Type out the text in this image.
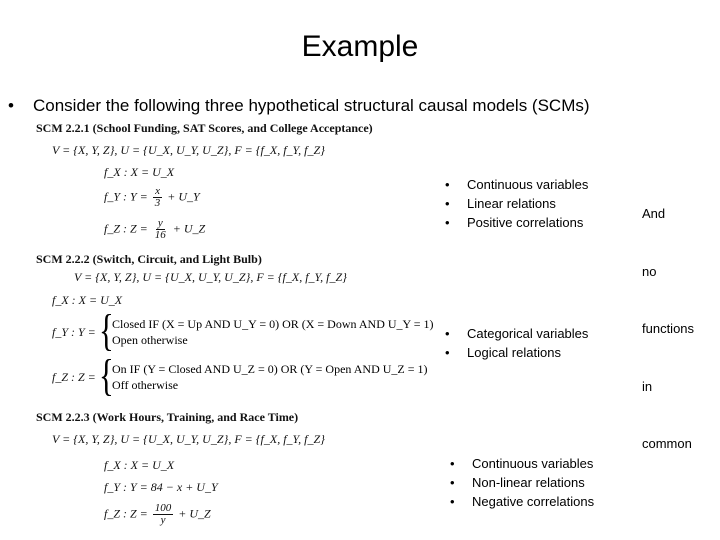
Example
• Consider the following three hypothetical structural causal models (SCMs)
SCM 2.2.1 (School Funding, SAT Scores, and College Acceptance)
V = {X, Y, Z}, U = {U_X, U_Y, U_Z}, F = {f_X, f_Y, f_Z}
f_X : X = U_X
f_Y : $Y = \frac{x}{3}$ + U_Y
f_Z : $Z = \frac{y}{16}$ + U_Z
•	Continuous variables
•	Linear relations
•	Positive correlations
SCM 2.2.2 (Switch, Circuit, and Light Bulb)
V = {X, Y, Z}, U = {U_X, U_Y, U_Z}, F = {f_X, f_Y, f_Z}
f_X : X = U_X
f_Y : Y = {
Closed IF (X = Up AND U_Y = 0) OR (X = Down AND U_Y = 1)
Open otherwise
f_Z : Z = {
On IF (Y = Closed AND U_Z = 0) OR (Y = Open AND U_Z = 1)
Off otherwise
•	Categorical variables
•	Logical relations
SCM 2.2.3 (Work Hours, Training, and Race Time)
V = {X, Y, Z}, U = {U_X, U_Y, U_Z}, F = {f_X, f_Y, f_Z}
f_X : X = U_X
f_Y : Y = 84 − x + U_Y
f_Z : $Z = \frac{100}{y}$ + U_Z
•	Continuous variables
•	Non-linear relations
•	Negative correlations
And
no
functions
in
common
